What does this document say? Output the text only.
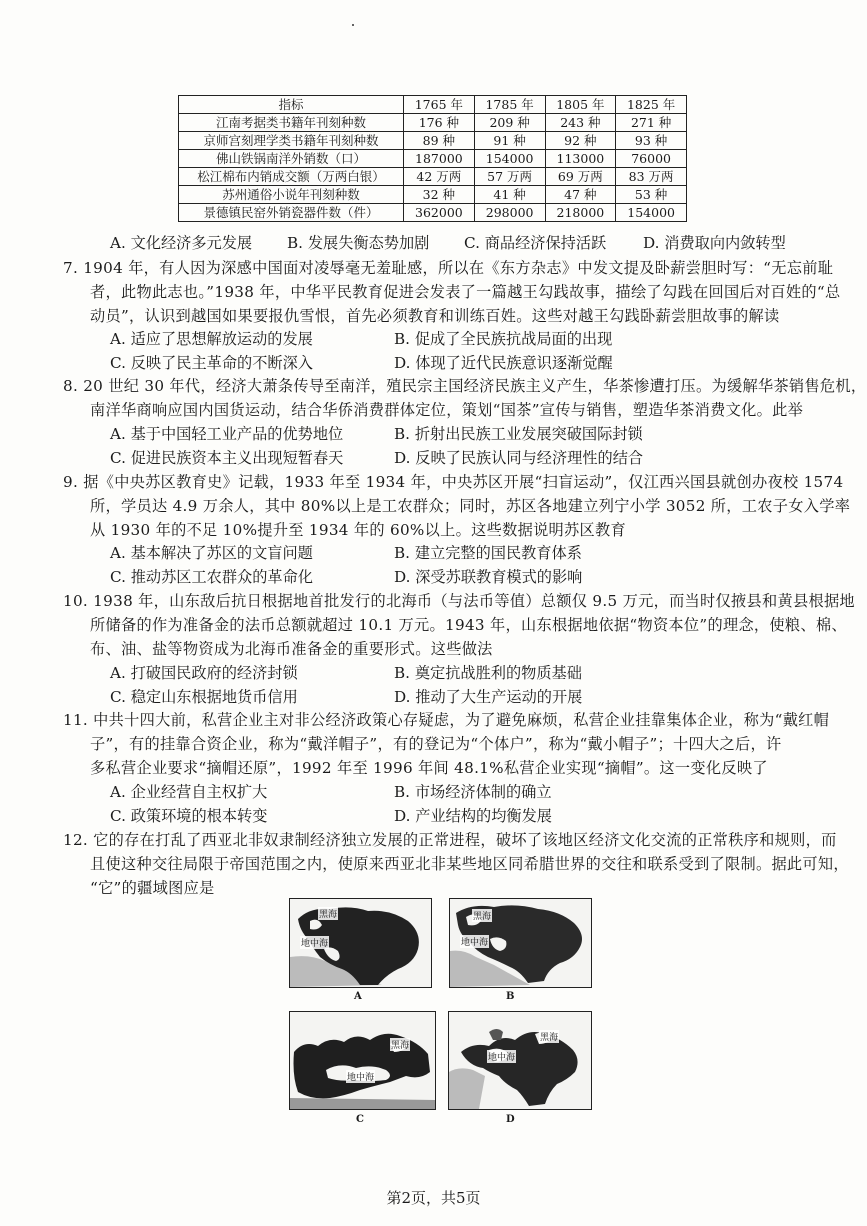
指标	1765 年	1785 年	1805 年	1825 年
江南考据类书籍年刊刻种数	176 种	209 种	243 种	271 种
京师宫刻理学类书籍年刊刻种数	89 种	91 种	92 种	93 种
佛山铁锅南洋外销数（口）	187000	154000	113000	76000
松江棉布内销成交额（万两白银）	42 万两	57 万两	69 万两	83 万两
苏州通俗小说年刊刻种数	32 种	41 种	47 种	53 种
景德镇民窑外销瓷器件数（件）	362000	298000	218000	154000
A. 文化经济多元发展 B. 发展失衡态势加剧 C. 商品经济保持活跃 D. 消费取向内敛转型
7. 1904 年，有人因为深感中国面对凌辱毫无羞耻感，所以在《东方杂志》中发文提及卧薪尝胆时写：“无忘前耻
者，此物此志也。”1938 年，中华平民教育促进会发表了一篇越王勾践故事，描绘了勾践在回国后对百姓的“总
动员”，认识到越国如果要报仇雪恨，首先必须教育和训练百姓。这些对越王勾践卧薪尝胆故事的解读
A. 适应了思想解放运动的发展	B. 促成了全民族抗战局面的出现
C. 反映了民主革命的不断深入	D. 体现了近代民族意识逐渐觉醒
8. 20 世纪 30 年代，经济大萧条传导至南洋，殖民宗主国经济民族主义产生，华茶惨遭打压。为缓解华茶销售危机，
南洋华商响应国内国货运动，结合华侨消费群体定位，策划“国茶”宣传与销售，塑造华茶消费文化。此举
A. 基于中国轻工业产品的优势地位	B. 折射出民族工业发展突破国际封锁
C. 促进民族资本主义出现短暂春天	D. 反映了民族认同与经济理性的结合
9. 据《中央苏区教育史》记载，1933 年至 1934 年，中央苏区开展“扫盲运动”，仅江西兴国县就创办夜校 1574
所，学员达 4.9 万余人，其中 80%以上是工农群众；同时，苏区各地建立列宁小学 3052 所，工农子女入学率
从 1930 年的不足 10%提升至 1934 年的 60%以上。这些数据说明苏区教育
A. 基本解决了苏区的文盲问题	B. 建立完整的国民教育体系
C. 推动苏区工农群众的革命化	D. 深受苏联教育模式的影响
10. 1938 年，山东敌后抗日根据地首批发行的北海币（与法币等值）总额仅 9.5 万元，而当时仅掖县和黄县根据地
所储备的作为准备金的法币总额就超过 10.1 万元。1943 年，山东根据地依据“物资本位”的理念，使粮、棉、
布、油、盐等物资成为北海币准备金的重要形式。这些做法
A. 打破国民政府的经济封锁	B. 奠定抗战胜利的物质基础
C. 稳定山东根据地货币信用	D. 推动了大生产运动的开展
11. 中共十四大前，私营企业主对非公经济政策心存疑虑，为了避免麻烦，私营企业挂靠集体企业，称为“戴红帽
子”，有的挂靠合资企业，称为“戴洋帽子”，有的登记为“个体户”，称为“戴小帽子”；十四大之后，许
多私营企业要求“摘帽还原”，1992 年至 1996 年间 48.1%私营企业实现“摘帽”。这一变化反映了
A. 企业经营自主权扩大	B. 市场经济体制的确立
C. 政策环境的根本转变	D. 产业结构的均衡发展
12. 它的存在打乱了西亚北非奴隶制经济独立发展的正常进程，破坏了该地区经济文化交流的正常秩序和规则，而
且使这种交往局限于帝国范围之内，使原来西亚北非某些地区同希腊世界的交往和联系受到了限制。据此可知，
“它”的疆域图应是
黑海
地中海
A
黑海
地中海
B
黑海
地中海
C
黑海
地中海
D
第2页，共5页
